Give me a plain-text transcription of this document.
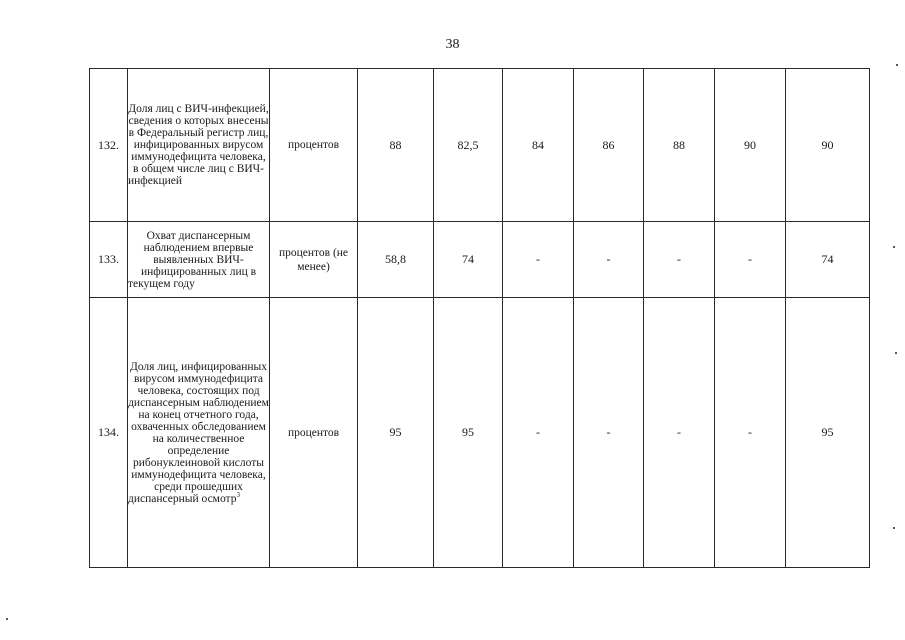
38
132.	Доля лиц с ВИЧ-инфекцией, сведения о которых внесены в Федеральный регистр лиц, инфицированных вирусом иммунодефицита человека, в общем числе лиц с ВИЧ-инфекцией	процентов	88	82,5	84	86	88	90	90
133.	Охват диспансерным наблюдением впервые выявленных ВИЧ-инфицированных лиц в текущем году	процентов (не менее)	58,8	74	-	-	-	-	74
134.	Доля лиц, инфицированных вирусом иммунодефицита человека, состоящих под диспансерным наблюдением на конец отчетного года, охваченных обследованием на количественное определение рибонуклеиновой кислоты иммунодефицита человека, среди прошедших диспансерный осмотр$^3$	процентов	95	95	-	-	-	-	95
